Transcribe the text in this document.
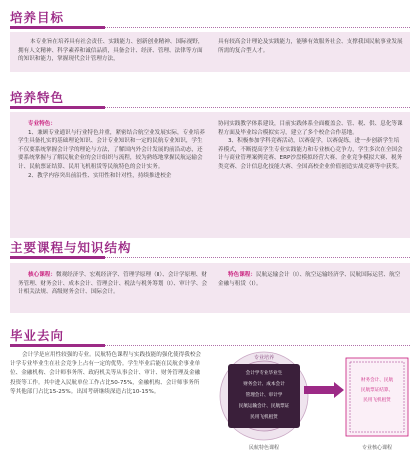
培养目标
本专业旨在培养具有社会责任、实践能力、创新创业精神、国际视野，拥有人文精神、科学素养和诚信品质，具备会计、经济、管理、法律等方面的知识和能力，掌握现代会计管理方法，
具有较高会计理论及实践能力，能够有效服务社会、支撑我国民航事业发展所需的复合型人才。
培养特色
专业特色：
1、兼顾专业通识与行业特色并重，紧密结合航空业发展实际，专业培养学生具备扎实的基础理论知识、会计专业知识和一定的民航专业知识，学生不仅要系统掌握会计学的理论与方法，了解国内外会计发展的前沿动态，还要系统掌握与了解民航企业的会计组织与流程，较为熟练地掌握民航运输会计、民航票证结算、民用飞机租赁等民航特色的会计实务。
2、教学内容突出前沿性、实用性和针对性，持续推进校企
协同实践教学体系建设，目前实践体系全面覆盖会、管、税、供、息化等课程方面及毕业综合模拟实习，建立了多个校企合作基地。
3、积极参加学科竞赛活动，以赛促学，以赛促练，进一步创新学生培养模式，不断提高学生专业实践能力和专业核心竞争力，学生多次在全国会计与商业管理案例竞赛、ERP沙盘模拟经营大赛、企业竞争模拟大赛、税务类竞赛、会计信息化技能大赛、全国高校企业价值创造实战竞赛等中获奖。
主要课程与知识结构
核心课程：微观经济学、宏观经济学、管理学原理（Ⅱ）、会计学原理、财务管理、财务会计、成本会计、管理会计、税法与税务筹划（Ⅰ）、审计学、会计相关法规、高级财务会计、国际会计。
特色课程：民航运输会计（Ⅰ）、航空运输经济学、民航国际运营、航空金融与租赁（Ⅰ）。
毕业去向
会计学是应用性较强的专业。民航特色课程与实践技能的强化使得我校会计学专业毕业生在社会竞争上占有一定的优势。学生毕业后能在民航企事业单位、金融机构、会计师事务所、政府机关等从事会计、审计、财务管理及金融投资等工作。其中进入民航单位工作占比50-75%，金融机构、会计师事务所等其他部门占比15-25%。出国考研继续深造占比10-15%。
专业培养
会计学专业毕业生
财务会计、成本会计
管理会计、审计学
民航运输会计、民航票证
民用飞机租赁
财务会计、民航
民航票证结算、
民用飞机租赁
民航特色课程	专业核心课程
